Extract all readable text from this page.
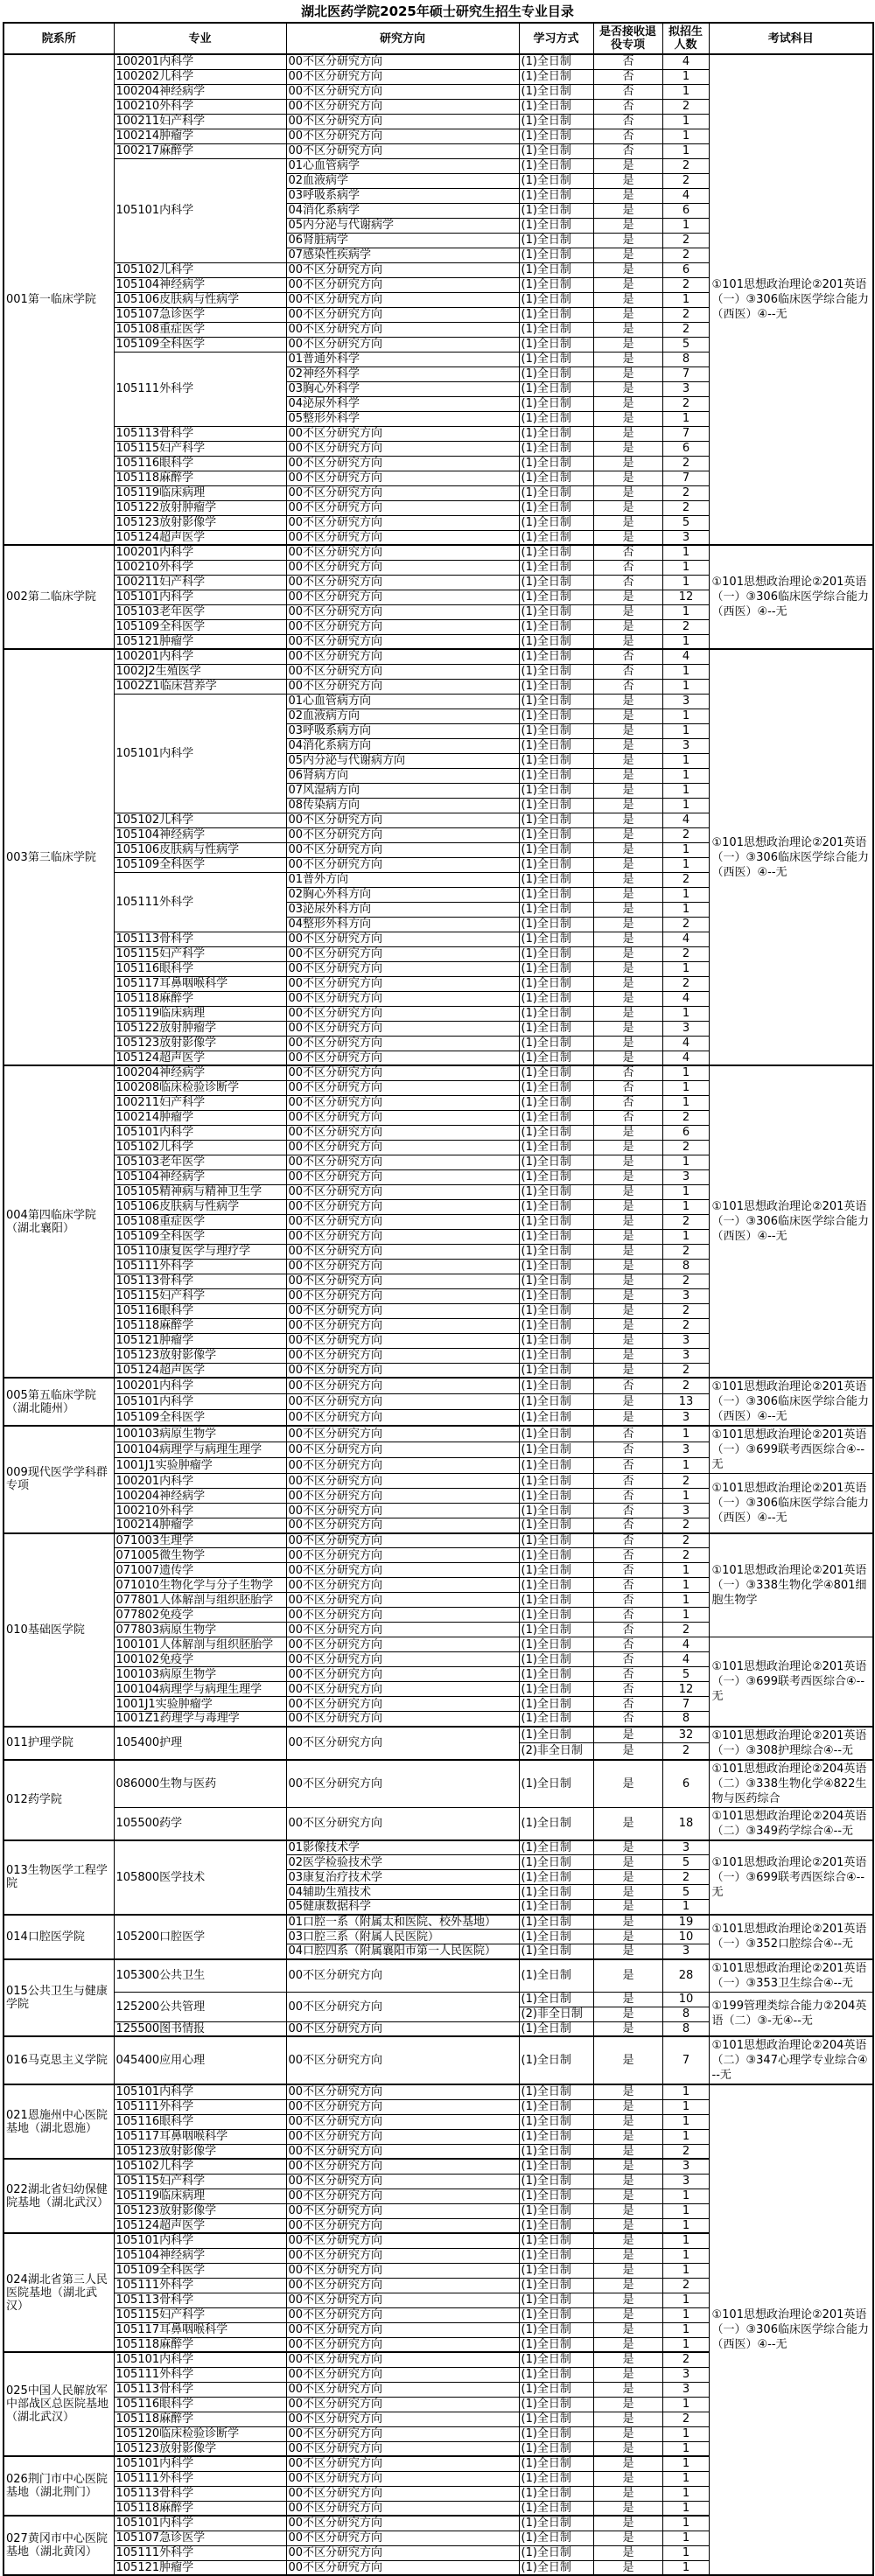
湖北医药学院2025年硕士研究生招生专业目录
院系所	专业	研究方向	学习方式	是否接收退役专项	拟招生人数	考试科目
001第一临床学院	100201内科学	00不区分研究方向	(1)全日制	否	4	①101思想政治理论②201英语（一）③306临床医学综合能力（西医）④--无
	100202儿科学	00不区分研究方向	(1)全日制	否	1	
	100204神经病学	00不区分研究方向	(1)全日制	否	1	
	100210外科学	00不区分研究方向	(1)全日制	否	2	
	100211妇产科学	00不区分研究方向	(1)全日制	否	1	
	100214肿瘤学	00不区分研究方向	(1)全日制	否	1	
	100217麻醉学	00不区分研究方向	(1)全日制	否	1	
	105101内科学	01心血管病学	(1)全日制	是	2	
		02血液病学	(1)全日制	是	2	
		03呼吸系病学	(1)全日制	是	4	
		04消化系病学	(1)全日制	是	6	
		05内分泌与代谢病学	(1)全日制	是	1	
		06肾脏病学	(1)全日制	是	2	
		07感染性疾病学	(1)全日制	是	2	
	105102儿科学	00不区分研究方向	(1)全日制	是	6	
	105104神经病学	00不区分研究方向	(1)全日制	是	2	
	105106皮肤病与性病学	00不区分研究方向	(1)全日制	是	1	
	105107急诊医学	00不区分研究方向	(1)全日制	是	2	
	105108重症医学	00不区分研究方向	(1)全日制	是	2	
	105109全科医学	00不区分研究方向	(1)全日制	是	5	
	105111外科学	01普通外科学	(1)全日制	是	8	
		02神经外科学	(1)全日制	是	7	
		03胸心外科学	(1)全日制	是	3	
		04泌尿外科学	(1)全日制	是	2	
		05整形外科学	(1)全日制	是	1	
	105113骨科学	00不区分研究方向	(1)全日制	是	7	
	105115妇产科学	00不区分研究方向	(1)全日制	是	6	
	105116眼科学	00不区分研究方向	(1)全日制	是	2	
	105118麻醉学	00不区分研究方向	(1)全日制	是	7	
	105119临床病理	00不区分研究方向	(1)全日制	是	2	
	105122放射肿瘤学	00不区分研究方向	(1)全日制	是	2	
	105123放射影像学	00不区分研究方向	(1)全日制	是	5	
	105124超声医学	00不区分研究方向	(1)全日制	是	3	
002第二临床学院	100201内科学	00不区分研究方向	(1)全日制	否	1	①101思想政治理论②201英语（一）③306临床医学综合能力（西医）④--无
	100210外科学	00不区分研究方向	(1)全日制	否	1	
	100211妇产科学	00不区分研究方向	(1)全日制	否	1	
	105101内科学	00不区分研究方向	(1)全日制	是	12	
	105103老年医学	00不区分研究方向	(1)全日制	是	1	
	105109全科医学	00不区分研究方向	(1)全日制	是	2	
	105121肿瘤学	00不区分研究方向	(1)全日制	是	1	
003第三临床学院	100201内科学	00不区分研究方向	(1)全日制	否	4	①101思想政治理论②201英语（一）③306临床医学综合能力（西医）④--无
	1002J2生殖医学	00不区分研究方向	(1)全日制	否	1	
	1002Z1临床营养学	00不区分研究方向	(1)全日制	否	1	
	105101内科学	01心血管病方向	(1)全日制	是	3	
		02血液病方向	(1)全日制	是	1	
		03呼吸系病方向	(1)全日制	是	1	
		04消化系病方向	(1)全日制	是	3	
		05内分泌与代谢病方向	(1)全日制	是	1	
		06肾病方向	(1)全日制	是	1	
		07风湿病方向	(1)全日制	是	1	
		08传染病方向	(1)全日制	是	1	
	105102儿科学	00不区分研究方向	(1)全日制	是	4	
	105104神经病学	00不区分研究方向	(1)全日制	是	2	
	105106皮肤病与性病学	00不区分研究方向	(1)全日制	是	1	
	105109全科医学	00不区分研究方向	(1)全日制	是	1	
	105111外科学	01普外方向	(1)全日制	是	2	
		02胸心外科方向	(1)全日制	是	1	
		03泌尿外科方向	(1)全日制	是	1	
		04整形外科方向	(1)全日制	是	2	
	105113骨科学	00不区分研究方向	(1)全日制	是	4	
	105115妇产科学	00不区分研究方向	(1)全日制	是	2	
	105116眼科学	00不区分研究方向	(1)全日制	是	1	
	105117耳鼻咽喉科学	00不区分研究方向	(1)全日制	是	2	
	105118麻醉学	00不区分研究方向	(1)全日制	是	4	
	105119临床病理	00不区分研究方向	(1)全日制	是	1	
	105122放射肿瘤学	00不区分研究方向	(1)全日制	是	3	
	105123放射影像学	00不区分研究方向	(1)全日制	是	4	
	105124超声医学	00不区分研究方向	(1)全日制	是	4	
004第四临床学院（湖北襄阳）	100204神经病学	00不区分研究方向	(1)全日制	否	1	①101思想政治理论②201英语（一）③306临床医学综合能力（西医）④--无
	100208临床检验诊断学	00不区分研究方向	(1)全日制	否	1	
	100211妇产科学	00不区分研究方向	(1)全日制	否	1	
	100214肿瘤学	00不区分研究方向	(1)全日制	否	2	
	105101内科学	00不区分研究方向	(1)全日制	是	6	
	105102儿科学	00不区分研究方向	(1)全日制	是	2	
	105103老年医学	00不区分研究方向	(1)全日制	是	1	
	105104神经病学	00不区分研究方向	(1)全日制	是	3	
	105105精神病与精神卫生学	00不区分研究方向	(1)全日制	是	1	
	105106皮肤病与性病学	00不区分研究方向	(1)全日制	是	1	
	105108重症医学	00不区分研究方向	(1)全日制	是	2	
	105109全科医学	00不区分研究方向	(1)全日制	是	1	
	105110康复医学与理疗学	00不区分研究方向	(1)全日制	是	2	
	105111外科学	00不区分研究方向	(1)全日制	是	8	
	105113骨科学	00不区分研究方向	(1)全日制	是	2	
	105115妇产科学	00不区分研究方向	(1)全日制	是	3	
	105116眼科学	00不区分研究方向	(1)全日制	是	2	
	105118麻醉学	00不区分研究方向	(1)全日制	是	2	
	105121肿瘤学	00不区分研究方向	(1)全日制	是	3	
	105123放射影像学	00不区分研究方向	(1)全日制	是	3	
	105124超声医学	00不区分研究方向	(1)全日制	是	2	
005第五临床学院（湖北随州）	100201内科学	00不区分研究方向	(1)全日制	否	2	①101思想政治理论②201英语（一）③306临床医学综合能力（西医）④--无
	105101内科学	00不区分研究方向	(1)全日制	是	13	
	105109全科医学	00不区分研究方向	(1)全日制	是	3	
009现代医学学科群专项	100103病原生物学	00不区分研究方向	(1)全日制	否	1	①101思想政治理论②201英语（一）③699联考西医综合④--无
	100104病理学与病理生理学	00不区分研究方向	(1)全日制	否	3	
	1001J1实验肿瘤学	00不区分研究方向	(1)全日制	否	1	
	100201内科学	00不区分研究方向	(1)全日制	否	2	①101思想政治理论②201英语（一）③306临床医学综合能力（西医）④--无
	100204神经病学	00不区分研究方向	(1)全日制	否	1	
	100210外科学	00不区分研究方向	(1)全日制	否	3	
	100214肿瘤学	00不区分研究方向	(1)全日制	否	2	
010基础医学院	071003生理学	00不区分研究方向	(1)全日制	否	2	①101思想政治理论②201英语（一）③338生物化学④801细胞生物学
	071005微生物学	00不区分研究方向	(1)全日制	否	2	
	071007遗传学	00不区分研究方向	(1)全日制	否	1	
	071010生物化学与分子生物学	00不区分研究方向	(1)全日制	否	1	
	077801人体解剖与组织胚胎学	00不区分研究方向	(1)全日制	否	1	
	077802免疫学	00不区分研究方向	(1)全日制	否	1	
	077803病原生物学	00不区分研究方向	(1)全日制	否	2	
	100101人体解剖与组织胚胎学	00不区分研究方向	(1)全日制	否	4	①101思想政治理论②201英语（一）③699联考西医综合④--无
	100102免疫学	00不区分研究方向	(1)全日制	否	4	
	100103病原生物学	00不区分研究方向	(1)全日制	否	5	
	100104病理学与病理生理学	00不区分研究方向	(1)全日制	否	12	
	1001J1实验肿瘤学	00不区分研究方向	(1)全日制	否	7	
	1001Z1药理学与毒理学	00不区分研究方向	(1)全日制	否	8	
011护理学院	105400护理	00不区分研究方向	(1)全日制	是	32	①101思想政治理论②201英语（一）③308护理综合④--无
			(2)非全日制	是	2	
012药学院	086000生物与医药	00不区分研究方向	(1)全日制	是	6	①101思想政治理论②204英语（二）③338生物化学④822生物与医药综合
	105500药学	00不区分研究方向	(1)全日制	是	18	①101思想政治理论②204英语（二）③349药学综合④--无
013生物医学工程学院	105800医学技术	01影像技术学	(1)全日制	是	3	①101思想政治理论②201英语（一）③699联考西医综合④--无
		02医学检验技术学	(1)全日制	是	5	
		03康复治疗技术学	(1)全日制	是	2	
		04辅助生殖技术	(1)全日制	是	5	
		05健康数据科学	(1)全日制	是	1	
014口腔医学院	105200口腔医学	01口腔一系（附属太和医院、校外基地）	(1)全日制	是	19	①101思想政治理论②201英语（一）③352口腔综合④--无
		03口腔三系（附属人民医院）	(1)全日制	是	10	
		04口腔四系（附属襄阳市第一人民医院）	(1)全日制	是	3	
015公共卫生与健康学院	105300公共卫生	00不区分研究方向	(1)全日制	是	28	①101思想政治理论②201英语（一）③353卫生综合④--无
	125200公共管理	00不区分研究方向	(1)全日制	是	10	①199管理类综合能力②204英语（二）③-无④--无
			(2)非全日制	是	8	
	125500图书情报	00不区分研究方向	(1)全日制	是	8	
016马克思主义学院	045400应用心理	00不区分研究方向	(1)全日制	是	7	①101思想政治理论②204英语（二）③347心理学专业综合④--无
021恩施州中心医院基地（湖北恩施）	105101内科学	00不区分研究方向	(1)全日制	是	1	①101思想政治理论②201英语（一）③306临床医学综合能力（西医）④--无
	105111外科学	00不区分研究方向	(1)全日制	是	1	
	105116眼科学	00不区分研究方向	(1)全日制	是	1	
	105117耳鼻咽喉科学	00不区分研究方向	(1)全日制	是	1	
	105123放射影像学	00不区分研究方向	(1)全日制	是	2	
022湖北省妇幼保健院基地（湖北武汉）	105102儿科学	00不区分研究方向	(1)全日制	是	3	
	105115妇产科学	00不区分研究方向	(1)全日制	是	3	
	105119临床病理	00不区分研究方向	(1)全日制	是	1	
	105123放射影像学	00不区分研究方向	(1)全日制	是	1	
	105124超声医学	00不区分研究方向	(1)全日制	是	1	
024湖北省第三人民医院基地（湖北武汉）	105101内科学	00不区分研究方向	(1)全日制	是	1	
	105104神经病学	00不区分研究方向	(1)全日制	是	1	
	105109全科医学	00不区分研究方向	(1)全日制	是	1	
	105111外科学	00不区分研究方向	(1)全日制	是	2	
	105113骨科学	00不区分研究方向	(1)全日制	是	1	
	105115妇产科学	00不区分研究方向	(1)全日制	是	1	
	105117耳鼻咽喉科学	00不区分研究方向	(1)全日制	是	1	
	105118麻醉学	00不区分研究方向	(1)全日制	是	1	
025中国人民解放军中部战区总医院基地（湖北武汉）	105101内科学	00不区分研究方向	(1)全日制	是	2	
	105111外科学	00不区分研究方向	(1)全日制	是	3	
	105113骨科学	00不区分研究方向	(1)全日制	是	3	
	105116眼科学	00不区分研究方向	(1)全日制	是	1	
	105118麻醉学	00不区分研究方向	(1)全日制	是	2	
	105120临床检验诊断学	00不区分研究方向	(1)全日制	是	1	
	105123放射影像学	00不区分研究方向	(1)全日制	是	1	
026荆门市中心医院基地（湖北荆门）	105101内科学	00不区分研究方向	(1)全日制	是	1	
	105111外科学	00不区分研究方向	(1)全日制	是	1	
	105113骨科学	00不区分研究方向	(1)全日制	是	1	
	105118麻醉学	00不区分研究方向	(1)全日制	是	1	
027黄冈市中心医院基地（湖北黄冈）	105101内科学	00不区分研究方向	(1)全日制	是	1	
	105107急诊医学	00不区分研究方向	(1)全日制	是	1	
	105111外科学	00不区分研究方向	(1)全日制	是	1	
	105121肿瘤学	00不区分研究方向	(1)全日制	是	1	
